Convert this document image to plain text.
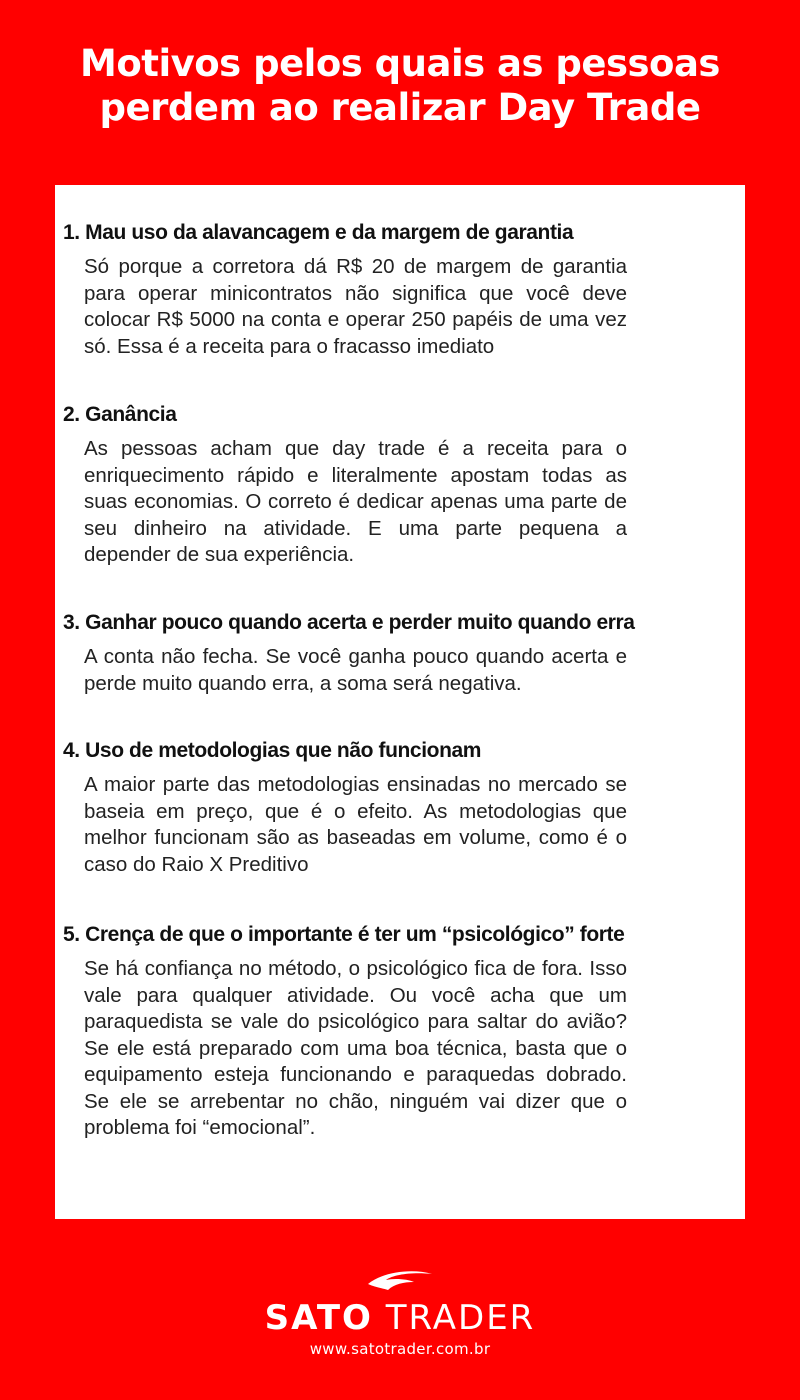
Motivos pelos quais as pessoas
perdem ao realizar Day Trade
1. Mau uso da alavancagem e da margem de garantia
Só porque a corretora dá R$ 20 de margem de garantia para operar minicontratos não significa que você deve colocar R$ 5000 na conta e operar 250 papéis de uma vez só. Essa é a receita para o fracasso imediato
2. Ganância
As pessoas acham que day trade é a receita para o enriquecimento rápido e literalmente apostam todas as suas economias. O correto é dedicar apenas uma parte de seu dinheiro na atividade. E uma parte pequena a depender de sua experiência.
3. Ganhar pouco quando acerta e perder muito quando erra
A conta não fecha. Se você ganha pouco quando acerta e perde muito quando erra, a soma será negativa.
4. Uso de metodologias que não funcionam
A maior parte das metodologias ensinadas no mercado se baseia em preço, que é o efeito. As metodologias que melhor funcionam são as baseadas em volume, como é o caso do Raio X Preditivo
5. Crença de que o importante é ter um “psicológico” forte
Se há confiança no método, o psicológico fica de fora. Isso vale para qualquer atividade. Ou você acha que um paraquedista se vale do psicológico para saltar do avião? Se ele está preparado com uma boa técnica, basta que o equipamento esteja funcionando e paraquedas dobrado. Se ele se arrebentar no chão, ninguém vai dizer que o problema foi “emocional”.
SATO TRADER
www.satotrader.com.br
